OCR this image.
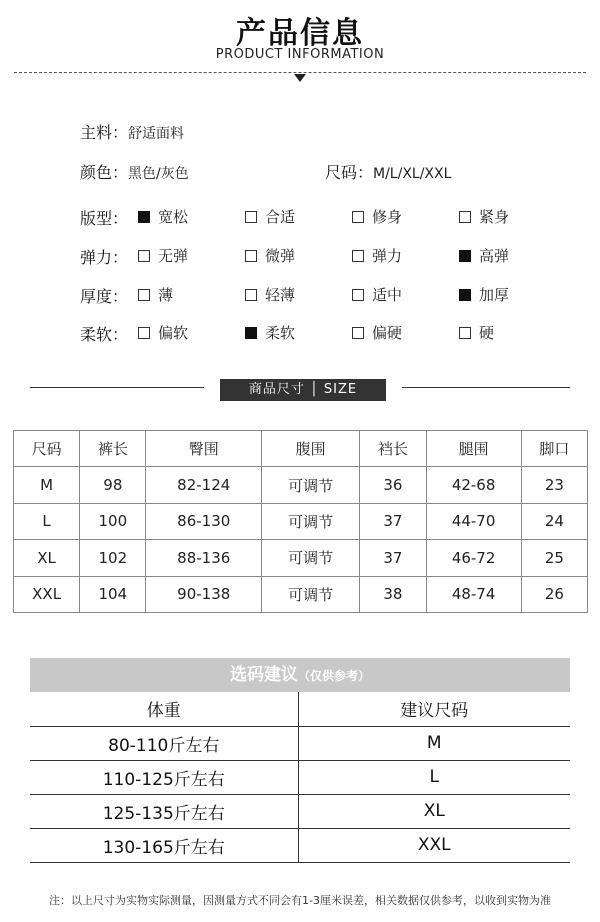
产品信息
PRODUCT INFORMATION
主料：舒适面料
颜色：黑色/灰色	尺码：M/L/XL/XXL
版型： 宽松	合适	修身	紧身
弹力： 无弹	微弹	弹力	高弹
厚度： 薄	轻薄	适中	加厚
柔软： 偏软	柔软	偏硬	硬
商品尺寸 │ SIZE
尺码	裤长	臀围	腹围	裆长	腿围	脚口
M	98	82-124	可调节	36	42-68	23
L	100	86-130	可调节	37	44-70	24
XL	102	88-136	可调节	37	46-72	25
XXL	104	90-138	可调节	38	48-74	26
选码建议（仅供参考）
体重	建议尺码
80-110斤左右	M
110-125斤左右	L
125-135斤左右	XL
130-165斤左右	XXL
注：以上尺寸为实物实际测量，因测量方式不同会有1-3厘米误差，相关数据仅供参考，以收到实物为准
